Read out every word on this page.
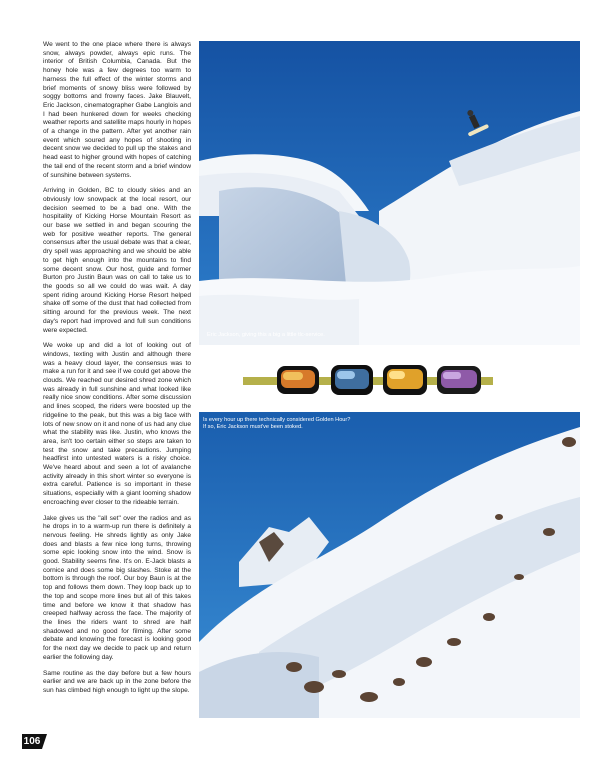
We went to the one place where there is always snow, always powder, always epic runs. The interior of British Columbia, Canada. But the honey hole was a few degrees too warm to harness the full effect of the winter storms and brief moments of snowy bliss were followed by soggy bottoms and frowny faces. Jake Blauvelt, Eric Jackson, cinematographer Gabe Langlois and I had been hunkered down for weeks checking weather reports and satellite maps hourly in hopes of a change in the pattern. After yet another rain event which soured any hopes of shooting in decent snow we decided to pull up the stakes and head east to higher ground with hopes of catching the tail end of the recent storm and a brief window of sunshine between systems.

Arriving in Golden, BC to cloudy skies and an obviously low snowpack at the local resort, our decision seemed to be a bad one. With the hospitality of Kicking Horse Mountain Resort as our base we settled in and began scouring the web for positive weather reports. The general consensus after the usual debate was that a clear, dry spell was approaching and we should be able to get high enough into the mountains to find some decent snow. Our host, guide and former Burton pro Justin Baun was on call to take us to the goods so all we could do was wait. A day spent riding around Kicking Horse Resort helped shake off some of the dust that had collected from sitting around for the previous week. The next day's report had improved and full sun conditions were expected.

We woke up and did a lot of looking out of windows, texting with Justin and although there was a heavy cloud layer, the consensus was to make a run for it and see if we could get above the clouds. We reached our desired shred zone which was already in full sunshine and what looked like really nice snow conditions. After some discussion and lines scoped, the riders were boosted up the ridgeline to the peak, but this was a big face with lots of new snow on it and none of us had any clue what the stability was like. Justin, who knows the area, isn't too certain either so steps are taken to test the snow and take precautions. Jumping headfirst into untested waters is a risky choice. We've heard about and seen a lot of avalanche activity already in this short winter so everyone is extra careful. Patience is so important in these situations, especially with a giant looming shadow encroaching ever closer to the rideable terrain.

Jake gives us the "all set" over the radios and as he drops in to a warm-up run there is definitely a nervous feeling. He shreds lightly as only Jake does and blasts a few nice long turns, throwing some epic looking snow into the wind. Snow is good. Stability seems fine. It's on. E-Jack blasts a cornice and does some big slashes. Stoke at the bottom is through the roof. Our boy Baun is at the top and follows them down. They loop back up to the top and scope more lines but all of this takes time and before we know it that shadow has creeped halfway across the face. The majority of the lines the riders want to shred are half shadowed and no good for filming. After some debate and knowing the forecast is looking good for the next day we decide to pack up and return earlier the following day.

Same routine as the day before but a few hours earlier and we are back up in the zone before the sun has climbed high enough to light up the slope.

Eric Jackson, giving this a big a little tlc-service.
Is every hour up there technically considered Golden Hour?
If so, Eric Jackson must've been stoked.
106
